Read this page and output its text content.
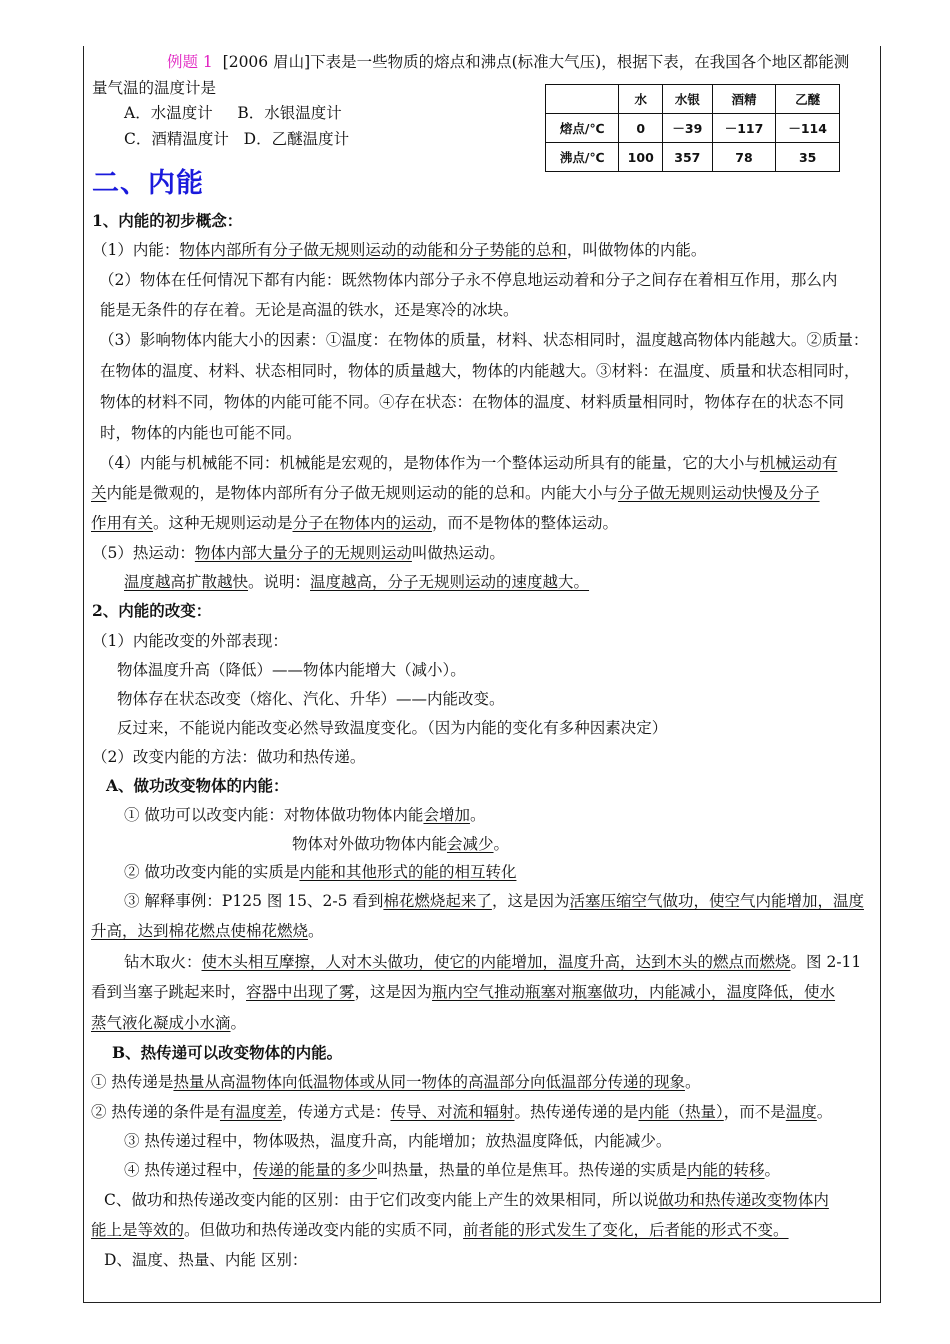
例题 1 [2006 眉山]下表是一些物质的熔点和沸点(标准大气压)，根据下表，在我国各个地区都能测
量气温的温度计是
A．水温度计 B．水银温度计
C．酒精温度计 D．乙醚温度计
	水	水银	酒精	乙醚
熔点/℃	0	－39	－117	－114
沸点/℃	100	357	78	35
二、内能
1、内能的初步概念：
（1）内能：物体内部所有分子做无规则运动的动能和分子势能的总和，叫做物体的内能。
（2）物体在任何情况下都有内能：既然物体内部分子永不停息地运动着和分子之间存在着相互作用，那么内
能是无条件的存在着。无论是高温的铁水，还是寒冷的冰块。
（3）影响物体内能大小的因素：①温度：在物体的质量，材料、状态相同时，温度越高物体内能越大。②质量：
在物体的温度、材料、状态相同时，物体的质量越大，物体的内能越大。③材料：在温度、质量和状态相同时，
物体的材料不同，物体的内能可能不同。④存在状态：在物体的温度、材料质量相同时，物体存在的状态不同
时，物体的内能也可能不同。
（4）内能与机械能不同：机械能是宏观的，是物体作为一个整体运动所具有的能量，它的大小与机械运动有
关内能是微观的，是物体内部所有分子做无规则运动的能的总和。内能大小与分子做无规则运动快慢及分子
作用有关。这种无规则运动是分子在物体内的运动，而不是物体的整体运动。
（5）热运动：物体内部大量分子的无规则运动叫做热运动。
温度越高扩散越快。说明：温度越高，分子无规则运动的速度越大。
2、内能的改变：
（1）内能改变的外部表现：
物体温度升高（降低）——物体内能增大（减小）。
物体存在状态改变（熔化、汽化、升华）——内能改变。
反过来，不能说内能改变必然导致温度变化。（因为内能的变化有多种因素决定）
（2）改变内能的方法：做功和热传递。
A、做功改变物体的内能：
① 做功可以改变内能：对物体做功物体内能会增加。
物体对外做功物体内能会减少。
② 做功改变内能的实质是内能和其他形式的能的相互转化
③ 解释事例：P125 图 15、2-5 看到棉花燃烧起来了，这是因为活塞压缩空气做功，使空气内能增加，温度
升高，达到棉花燃点使棉花燃烧。
钻木取火：使木头相互摩擦，人对木头做功，使它的内能增加，温度升高，达到木头的燃点而燃烧。图 2-11
看到当塞子跳起来时，容器中出现了雾，这是因为瓶内空气推动瓶塞对瓶塞做功，内能减小，温度降低，使水
蒸气液化凝成小水滴。
B、热传递可以改变物体的内能。
① 热传递是热量从高温物体向低温物体或从同一物体的高温部分向低温部分传递的现象。
② 热传递的条件是有温度差，传递方式是：传导、对流和辐射。热传递传递的是内能（热量），而不是温度。
③ 热传递过程中，物体吸热，温度升高，内能增加；放热温度降低，内能减少。
④ 热传递过程中，传递的能量的多少叫热量，热量的单位是焦耳。热传递的实质是内能的转移。
C、做功和热传递改变内能的区别：由于它们改变内能上产生的效果相同，所以说做功和热传递改变物体内
能上是等效的。但做功和热传递改变内能的实质不同，前者能的形式发生了变化，后者能的形式不变。
D、温度、热量、内能 区别：
